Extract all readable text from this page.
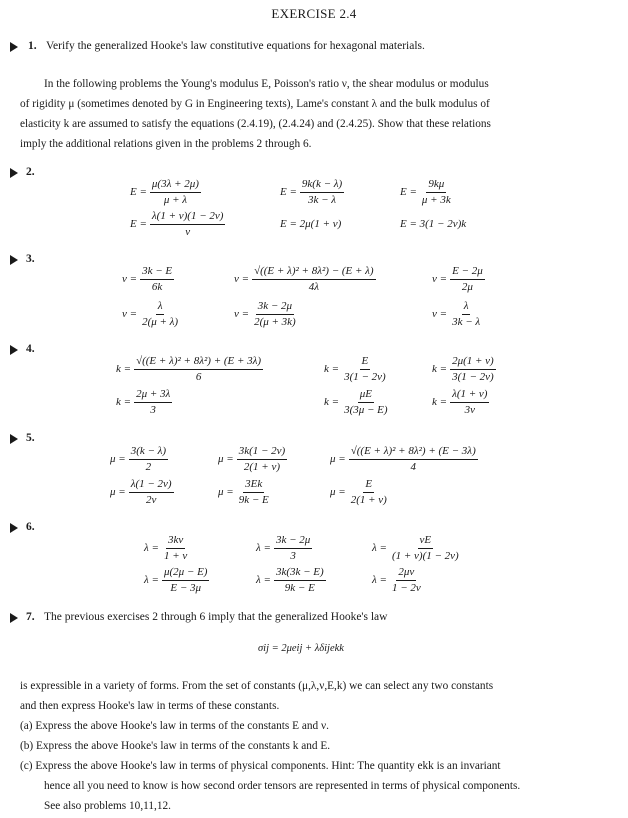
EXERCISE 2.4
1. Verify the generalized Hooke's law constitutive equations for hexagonal materials.
In the following problems the Young's modulus E, Poisson's ratio ν, the shear modulus or modulus
of rigidity μ (sometimes denoted by G in Engineering texts), Lame's constant λ and the bulk modulus of
elasticity k are assumed to satisfy the equations (2.4.19), (2.4.24) and (2.4.25). Show that these relations
imply the additional relations given in the problems 2 through 6.
2.
$E = \frac{\mu(3\lambda + 2\mu)}{\mu + \lambda}$	$E = \frac{9k(k - \lambda)}{3k - \lambda}$	$E = \frac{9k\mu}{\mu + 3k}$
$E = \frac{\lambda(1 + \nu)(1 - 2\nu)}{\nu}$	E = 2μ(1 + ν)	E = 3(1 − 2ν)k
3.
$\nu = \frac{3k - E}{6k}$	$\nu = \frac{\text{√((E + λ)² + 8λ²) − (E + λ)}}{4\lambda}$	$\nu = \frac{E - 2\mu}{2\mu}$
$\nu = \frac{\lambda}{2(\mu + \lambda)}$	$\nu = \frac{3k - 2\mu}{2(\mu + 3k)}$	$\nu = \frac{\lambda}{3k - \lambda}$
4.
$k = \frac{\text{√((E + λ)² + 8λ²) + (E + 3λ)}}{6}$	$k = \frac{E}{3(1 - 2\nu)}$	$k = \frac{2\mu(1 + \nu)}{3(1 - 2\nu)}$
$k = \frac{2\mu + 3\lambda}{3}$	$k = \frac{\mu E}{3(3\mu - E)}$	$k = \frac{\lambda(1 + \nu)}{3\nu}$
5.
$\mu = \frac{3(k - \lambda)}{2}$	$\mu = \frac{3k(1 - 2\nu)}{2(1 + \nu)}$	$\mu = \frac{\text{√((E + λ)² + 8λ²) + (E − 3λ)}}{4}$
$\mu = \frac{\lambda(1 - 2\nu)}{2\nu}$	$\mu = \frac{3Ek}{9k - E}$	$\mu = \frac{E}{2(1 + \nu)}$
6.
$\lambda = \frac{3k\nu}{1 + \nu}$	$\lambda = \frac{3k - 2\mu}{3}$	$\lambda = \frac{\nu E}{(1 + \nu)(1 - 2\nu)}$
$\lambda = \frac{\mu(2\mu - E)}{E - 3\mu}$	$\lambda = \frac{3k(3k - E)}{9k - E}$	$\lambda = \frac{2\mu\nu}{1 - 2\nu}$
7. The previous exercises 2 through 6 imply that the generalized Hooke's law
σij = 2μeij + λδijekk
is expressible in a variety of forms. From the set of constants (μ,λ,ν,E,k) we can select any two constants
and then express Hooke's law in terms of these constants.
(a) Express the above Hooke's law in terms of the constants E and ν.
(b) Express the above Hooke's law in terms of the constants k and E.
(c) Express the above Hooke's law in terms of physical components. Hint: The quantity ekk is an invariant
hence all you need to know is how second order tensors are represented in terms of physical components.
See also problems 10,11,12.
